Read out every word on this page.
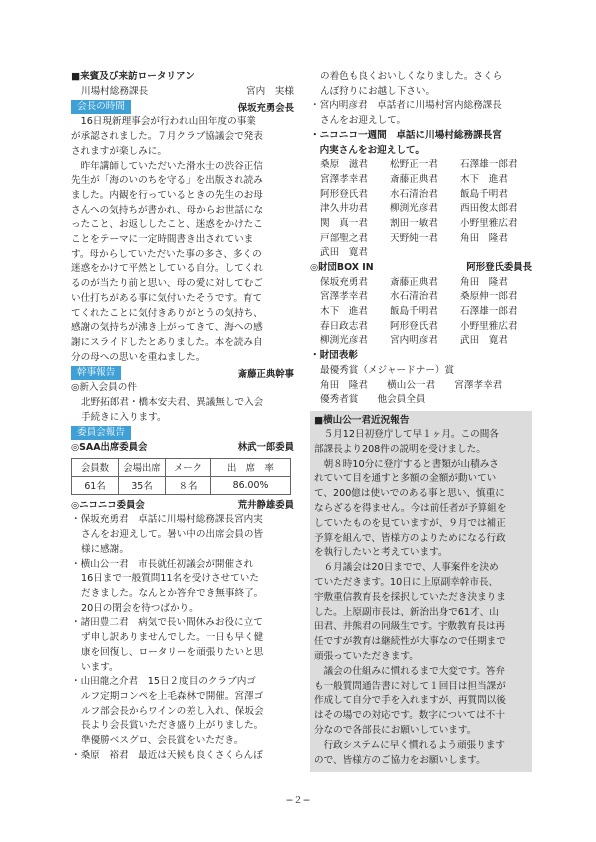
■来賓及び来訪ロータリアン
川場村総務課長	宮内　実様
会長の時間	保坂充勇会長
　16日現新理事会が行われ山田年度の事業
が承認されました。７月クラブ協議会で発表
されますが楽しみに。
　昨年講師していただいた滑水士の渋谷正信
先生が「海のいのちを守る」を出版され読み
ました。内観を行っているときの先生のお母
さんへの気持ちが書かれ、母からお世話にな
ったこと、お返ししたこと、迷惑をかけたこ
ことをテーマに一定時間書き出されていま
す。母からしていただいた事の多さ、多くの
迷惑をかけて平然としている自分。してくれ
るのが当たり前と思い、母の愛に対してむご
い仕打ちがある事に気付いたそうです。育て
てくれたことに気付きありがとうの気持ち、
感謝の気持ちが沸き上がってきて、海への感
謝にスライドしたとありました。本を読み自
分の母への思いを重ねました。
幹事報告	斎藤正典幹事
◎新入会員の件
北野拓郎君・橋本安夫君、異議無しで入会
手続きに入ります。
委員会報告
◎SAA出席委員会	林武一郎委員
会員数	会場出席	メーク	出　席　率
61名	35名	８名	86.00%
◎ニコニコ委員会	荒井静雄委員
・保坂充勇君　卓話に川場村総務課長宮内実
さんをお迎えして。暑い中の出席会員の皆
様に感謝。
・横山公一君　市長就任初議会が開催され
16日まで一般質問11名を受けさせていた
だきました。なんとか答弁でき無事終了。
20日の閉会を待つばかり。
・諸田豊二君　病気で長い間休みお役に立て
ず申し訳ありませんでした。一日も早く健
康を回復し、ロータリーを頑張りたいと思
います。
・山田龍之介君　15日２度目のクラブ内ゴ
ルフ定期コンペを上毛森林で開催。宮澤ゴ
ルフ部会長からワインの差し入れ、保坂会
長より会長賞いただき盛り上がりました。
準優勝ベスグロ、会長賞をいただき。
・桑原　裕君　最近は天候も良くさくらんぼ
の着色も良くおいしくなりました。さくら
んぼ狩りにお越し下さい。
・宮内明彦君　卓話者に川場村宮内総務課長
さんをお迎えして。
・ニコニコ一週間　卓話に川場村総務課長宮
　内実さんをお迎えして。
桑原　滋君	松野正一君	石澤雄一郎君
宮澤孝幸君	斎藤正典君	木下　進君
阿形登氏君	水石清治君	飯島千明君
津久井功君	柳渕光彦君	西田俊太郎君
関　真一君	割田一敏君	小野里雅広君
戸部聖之君	天野純一君	角田　隆君
武田　寛君
◎財団BOX IN	阿形登氏委員長
保坂充勇君	斎藤正典君	角田　隆君
宮澤孝幸君	水石清治君	桑原伸一郎君
木下　進君	飯島千明君	石澤雄一郎君
春日政志君	阿形登氏君	小野里雅広君
柳渕光彦君	宮内明彦君	武田　寛君
・財団表彰
最優秀賞（メジャードナー）賞
角田　隆君　　横山公一君　　宮澤孝幸君
優秀者賞　　他会員全員
■横山公一君近況報告
　５月12日初登庁して早１ヶ月。この間各
部課長より208件の説明を受けました。
　朝８時10分に登庁すると書類が山積みさ
れていて目を通すと多額の金額が動いてい
て、200億は使いでのある事と思い、慎重に
ならざるを得ません。今は前任者が予算組を
していたものを見ていますが、９月では補正
予算を組んで、皆様方のよりためになる行政
を執行したいと考えています。
　６月議会は20日までで、人事案件を決め
ていただきます。10日に上原副幸幹市長、
宇敷重信教育長を採択していただき決まりま
した。上原副市長は、新治出身で61才、山
田君、井熊君の同級生です。宇敷教育長は再
任ですが教育は継続性が大事なので任期まで
頑張っていただきます。
　議会の仕組みに慣れるまで大変です。答弁
も一般質問通告書に対して１回目は担当課が
作成して自分で手を入れますが、再質問以後
はその場での対応です。数字については不十
分なので各部長にお願いしています。
　行政システムに早く慣れるよう頑張ります
ので、皆様方のご協力をお願いします。
−２−
